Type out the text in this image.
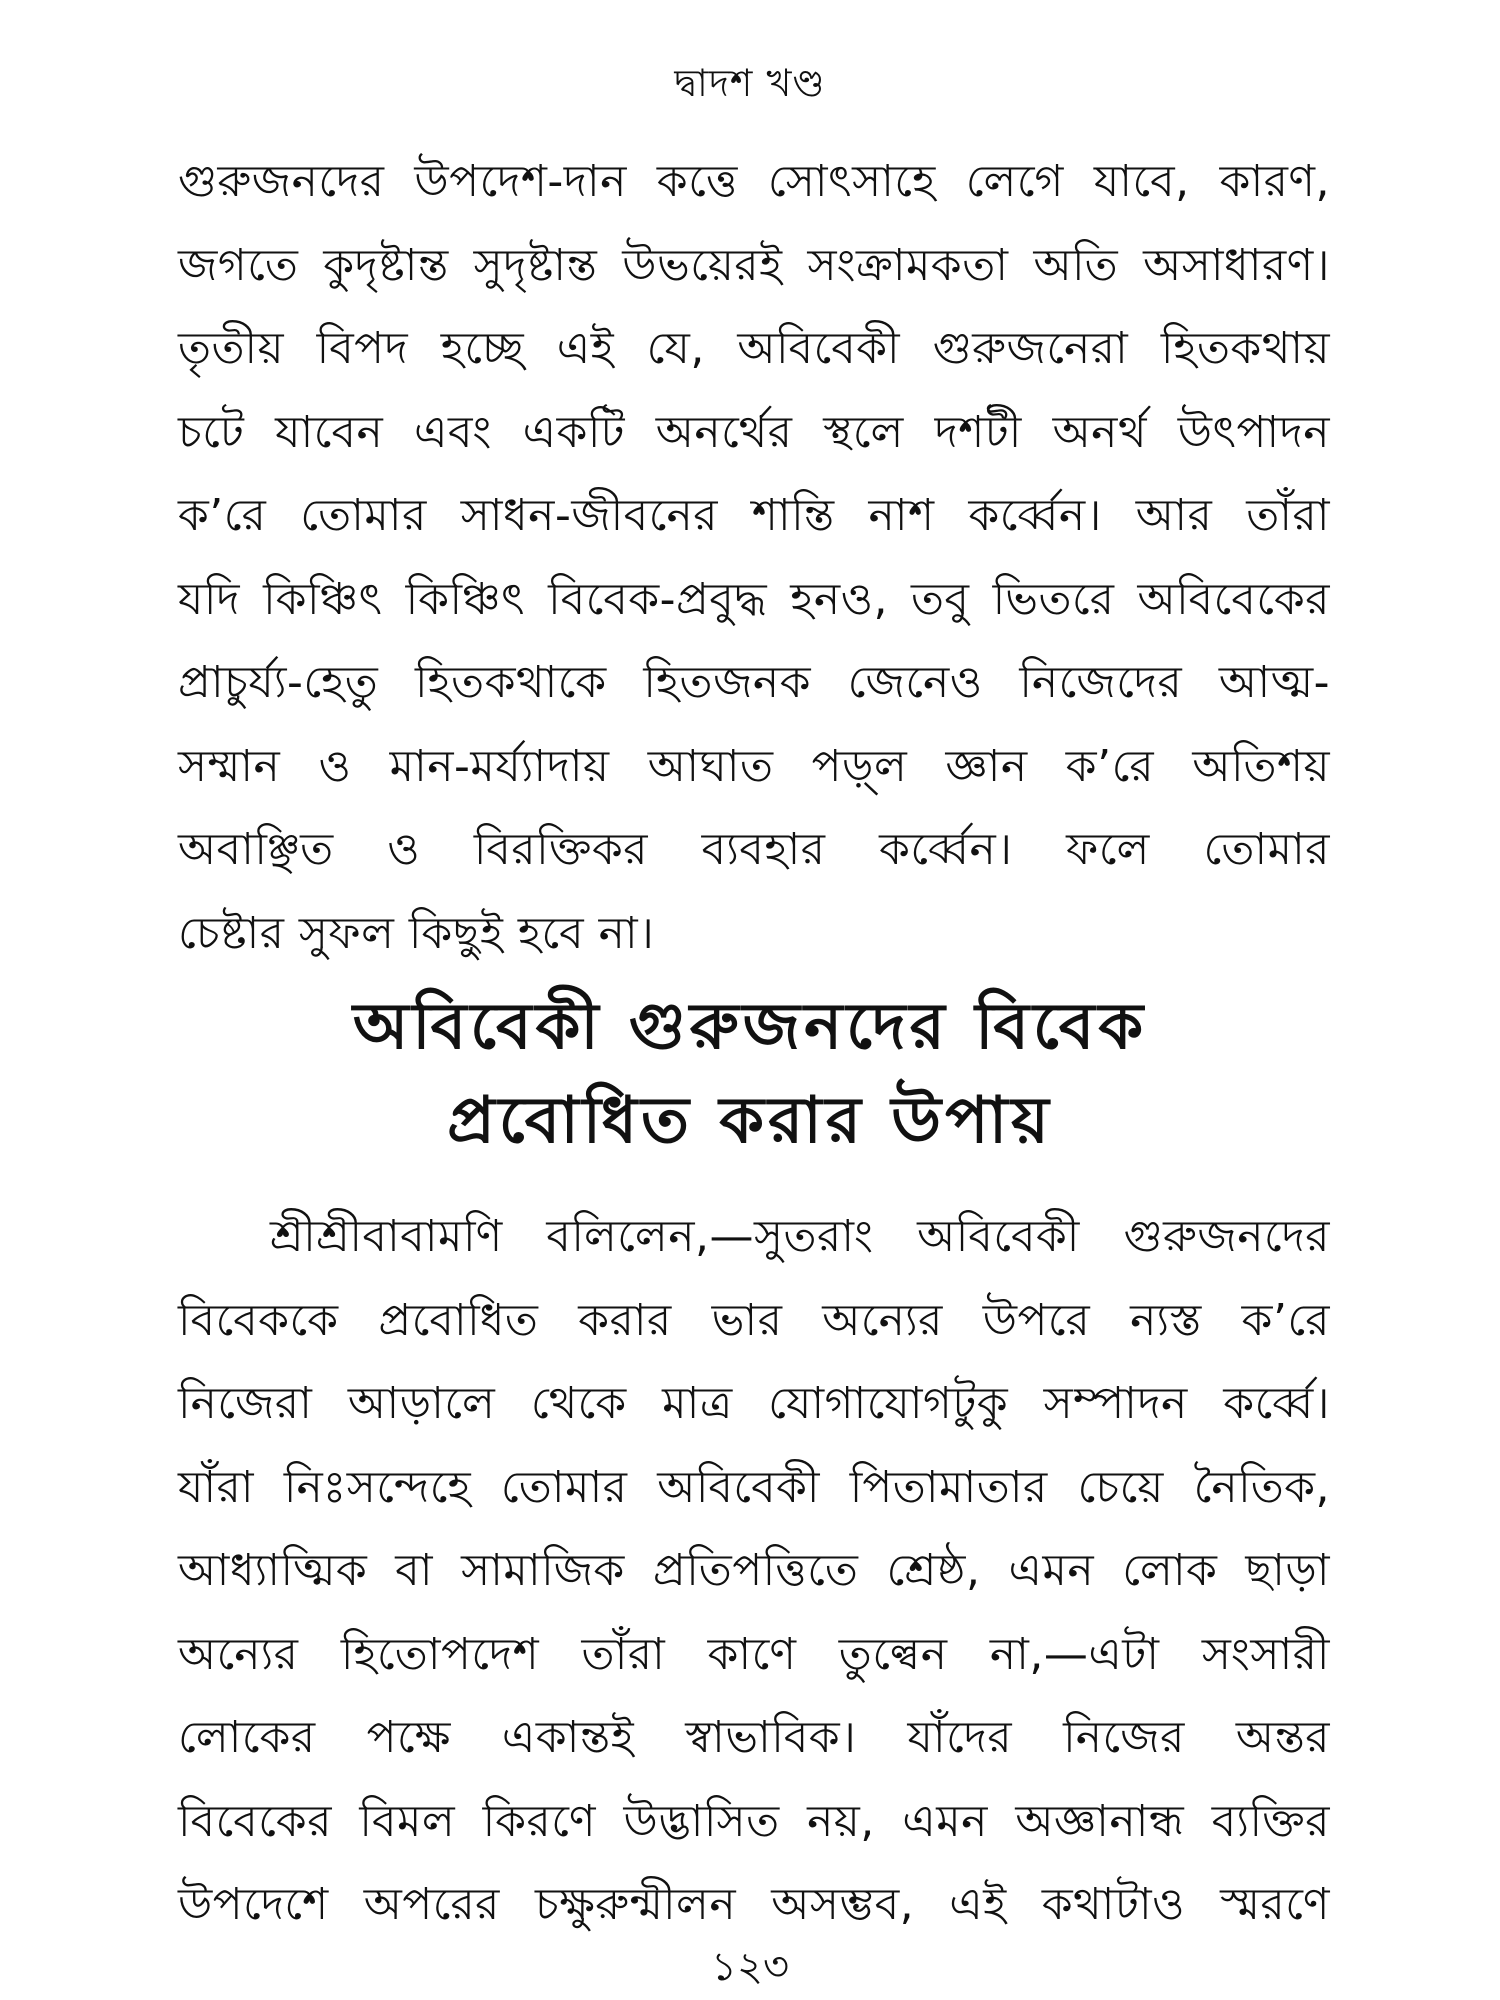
দ্বাদশ খণ্ড

গুরুজনদের উপদেশ-দান কত্তে সোৎসাহে লেগে যাবে, কারণ,
জগতে কুদৃষ্টান্ত সুদৃষ্টান্ত উভয়েরই সংক্রামকতা অতি অসাধারণ।
তৃতীয় বিপদ হচ্ছে এই যে, অবিবেকী গুরুজনেরা হিতকথায়
চটে যাবেন এবং একটি অনর্থের স্থলে দশটী অনর্থ উৎপাদন
ক’রে তোমার সাধন-জীবনের শান্তি নাশ কর্ব্বেন। আর তাঁরা
যদি কিঞ্চিৎ কিঞ্চিৎ বিবেক-প্রবুদ্ধ হনও, তবু ভিতরে অবিবেকের
প্রাচুর্য্য-হেতু হিতকথাকে হিতজনক জেনেও নিজেদের আত্ম-
সম্মান ও মান-মর্য্যাদায় আঘাত পড়্ল জ্ঞান ক’রে অতিশয়
অবাঞ্ছিত ও বিরক্তিকর ব্যবহার কর্ব্বেন। ফলে তোমার
চেষ্টার সুফল কিছুই হবে না।

অবিবেকী গুরুজনদের বিবেক
প্রবোধিত করার উপায়

শ্রীশ্রীবাবামণি বলিলেন,—সুতরাং অবিবেকী গুরুজনদের
বিবেককে প্রবোধিত করার ভার অন্যের উপরে ন্যস্ত ক’রে
নিজেরা আড়ালে থেকে মাত্র যোগাযোগটুকু সম্পাদন কর্ব্বে।
যাঁরা নিঃসন্দেহে তোমার অবিবেকী পিতামাতার চেয়ে নৈতিক,
আধ্যাত্মিক বা সামাজিক প্রতিপত্তিতে শ্রেষ্ঠ, এমন লোক ছাড়া
অন্যের হিতোপদেশ তাঁরা কাণে তুল্বেন না,—এটা সংসারী
লোকের পক্ষে একান্তই স্বাভাবিক। যাঁদের নিজের অন্তর
বিবেকের বিমল কিরণে উদ্ভাসিত নয়, এমন অজ্ঞানান্ধ ব্যক্তির
উপদেশে অপরের চক্ষুরুন্মীলন অসম্ভব, এই কথাটাও স্মরণে

১২৩
